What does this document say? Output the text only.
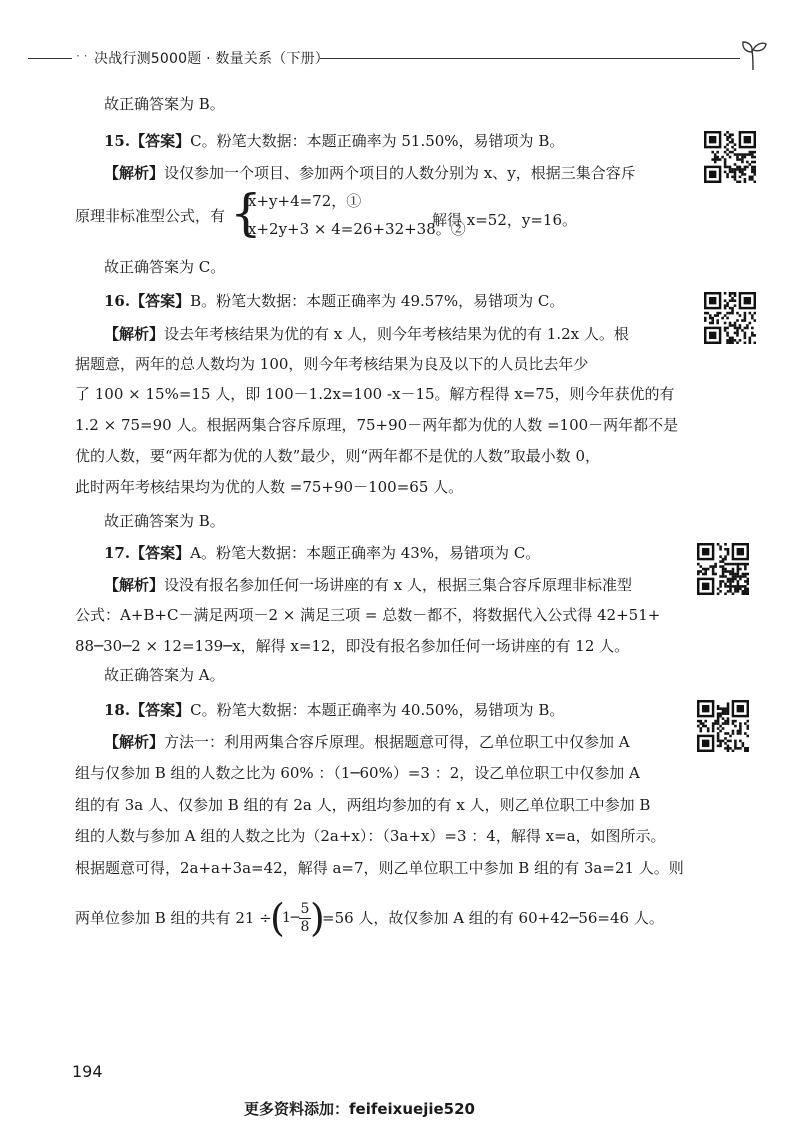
· · 决战行测5000题 · 数量关系（下册）
故正确答案为 B。
15.【答案】C。粉笔大数据：本题正确率为 51.50%，易错项为 B。
【解析】设仅参加一个项目、参加两个项目的人数分别为 x、y，根据三集合容斥
原理非标准型公式，有 {
x+y+4=72，①
x+2y+3 × 4=26+32+38。②
解得 x=52，y=16。
故正确答案为 C。
16.【答案】B。粉笔大数据：本题正确率为 49.57%，易错项为 C。
【解析】设去年考核结果为优的有 x 人，则今年考核结果为优的有 1.2x 人。根
据题意，两年的总人数均为 100，则今年考核结果为良及以下的人员比去年少
了 100 × 15%=15 人，即 100－1.2x=100 -x－15。解方程得 x=75，则今年获优的有
1.2 × 75=90 人。根据两集合容斥原理，75+90－两年都为优的人数 =100－两年都不是
优的人数，要“两年都为优的人数”最少，则“两年都不是优的人数”取最小数 0，
此时两年考核结果均为优的人数 =75+90－100=65 人。
故正确答案为 B。
17.【答案】A。粉笔大数据：本题正确率为 43%，易错项为 C。
【解析】设没有报名参加任何一场讲座的有 x 人，根据三集合容斥原理非标准型
公式：A+B+C－满足两项－2 × 满足三项 = 总数－都不，将数据代入公式得 42+51+
88─30─2 × 12=139─x，解得 x=12，即没有报名参加任何一场讲座的有 12 人。
故正确答案为 A。
18.【答案】C。粉笔大数据：本题正确率为 40.50%，易错项为 B。
【解析】方法一：利用两集合容斥原理。根据题意可得，乙单位职工中仅参加 A
组与仅参加 B 组的人数之比为 60% ：（1─60%）=3 ：2，设乙单位职工中仅参加 A
组的有 3a 人、仅参加 B 组的有 2a 人，两组均参加的有 x 人，则乙单位职工中参加 B
组的人数与参加 A 组的人数之比为（2a+x）：（3a+x）=3 ：4，解得 x=a，如图所示。
根据题意可得，2a+a+3a=42，解得 a=7，则乙单位职工中参加 B 组的有 3a=21 人。则
两单位参加 B 组的共有 21 ÷
(
1─
5
8 )
=56 人，故仅参加 A 组的有 60+42─56=46 人。
194
更多资料添加：feifeixuejie520
